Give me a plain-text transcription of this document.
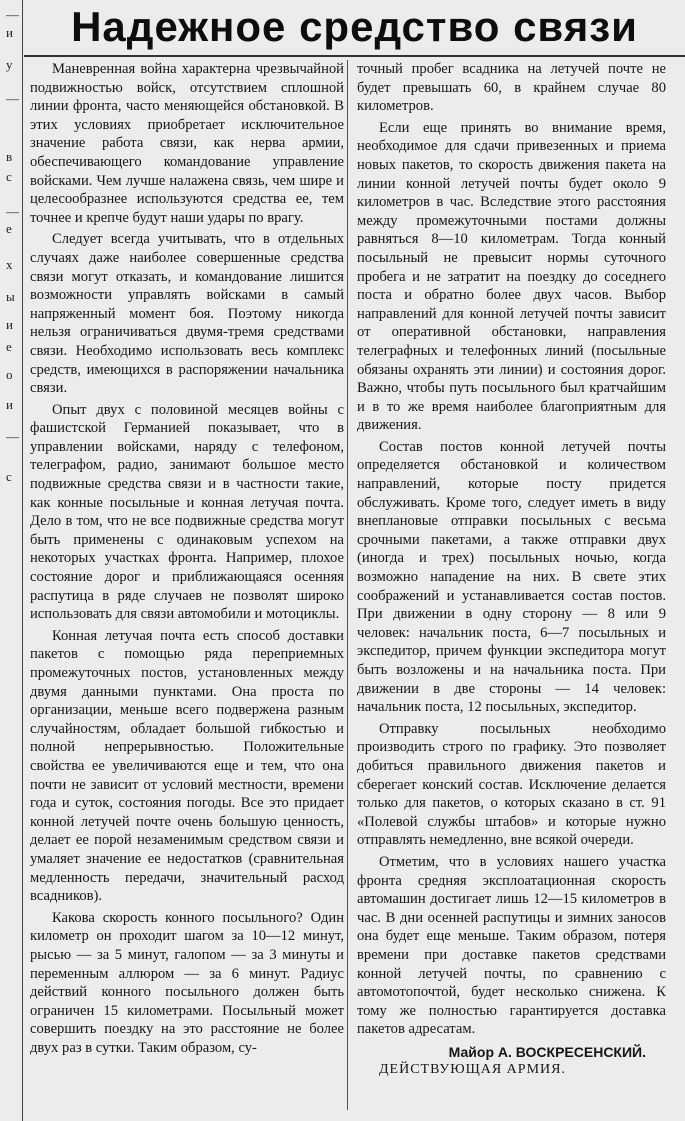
—
и
у
—
в
с
—
е
х
ы
и
е
о
и
—
с
Надежное средство связи

Маневренная война характерна чрезвычайной подвижностью войск, отсутствием сплошной линии фронта, часто меняющейся обстановкой. В этих условиях приобретает исключительное значение работа связи, как нерва армии, обеспечивающего командование управление войсками. Чем лучше налажена связь, чем шире и целесообразнее используются средства ее, тем точнее и крепче будут наши удары по врагу.

Следует всегда учитывать, что в отдельных случаях даже наиболее совершенные средства связи могут отказать, и командование лишится возможности управлять войсками в самый напряженный момент боя. Поэтому никогда нельзя ограничиваться двумя-тремя средствами связи. Необходимо использовать весь комплекс средств, имеющихся в распоряжении начальника связи.

Опыт двух с половиной месяцев войны с фашистской Германией показывает, что в управлении войсками, наряду с телефоном, телеграфом, радио, занимают большое место подвижные средства связи и в частности такие, как конные посыльные и конная летучая почта. Дело в том, что не все подвижные средства могут быть применены с одинаковым успехом на некоторых участках фронта. Например, плохое состояние дорог и приближающаяся осенняя распутица в ряде случаев не позволят широко использовать для связи автомобили и мотоциклы.

Конная летучая почта есть способ доставки пакетов с помощью ряда переприемных промежуточных постов, установленных между двумя данными пунктами. Она проста по организации, меньше всего подвержена разным случайностям, обладает большой гибкостью и полной непрерывностью. Положительные свойства ее увеличиваются еще и тем, что она почти не зависит от условий местности, времени года и суток, состояния погоды. Все это придает конной летучей почте очень большую ценность, делает ее порой незаменимым средством связи и умаляет значение ее недостатков (сравнительная медленность передачи, значительный расход всадников).

Какова скорость конного посыльного? Один километр он проходит шагом за 10—12 минут, рысью — за 5 минут, галопом — за 3 минуты и переменным аллюром — за 6 минут. Радиус действий конного посыльного должен быть ограничен 15 километрами. Посыльный может совершить поездку на это расстояние не более двух раз в сутки. Таким образом, су-

точный пробег всадника на летучей почте не будет превышать 60, в крайнем случае 80 километров.

Если еще принять во внимание время, необходимое для сдачи привезенных и приема новых пакетов, то скорость движения пакета на линии конной летучей почты будет около 9 километров в час. Вследствие этого расстояния между промежуточными постами должны равняться 8—10 километрам. Тогда конный посыльный не превысит нормы суточного пробега и не затратит на поездку до соседнего поста и обратно более двух часов. Выбор направлений для конной летучей почты зависит от оперативной обстановки, направления телеграфных и телефонных линий (посыльные обязаны охранять эти линии) и состояния дорог. Важно, чтобы путь посыльного был кратчайшим и в то же время наиболее благоприятным для движения.

Состав постов конной летучей почты определяется обстановкой и количеством направлений, которые посту придется обслуживать. Кроме того, следует иметь в виду внеплановые отправки посыльных с весьма срочными пакетами, а также отправки двух (иногда и трех) посыльных ночью, когда возможно нападение на них. В свете этих соображений и устанавливается состав постов. При движении в одну сторону — 8 или 9 человек: начальник поста, 6—7 посыльных и экспедитор, причем функции экспедитора могут быть возложены и на начальника поста. При движении в две стороны — 14 человек: начальник поста, 12 посыльных, экспедитор.

Отправку посыльных необходимо производить строго по графику. Это позволяет добиться правильного движения пакетов и сберегает конский состав. Исключение делается только для пакетов, о которых сказано в ст. 91 «Полевой службы штабов» и которые нужно отправлять немедленно, вне всякой очереди.

Отметим, что в условиях нашего участка фронта средняя эксплоатационная скорость автомашин достигает лишь 12—15 километров в час. В дни осенней распутицы и зимних заносов она будет еще меньше. Таким образом, потеря времени при доставке пакетов средствами конной летучей почты, по сравнению с автомотопочтой, будет несколько снижена. К тому же полностью гарантируется доставка пакетов адресатам.

Майор А. ВОСКРЕСЕНСКИЙ.

ДЕЙСТВУЮЩАЯ АРМИЯ.
